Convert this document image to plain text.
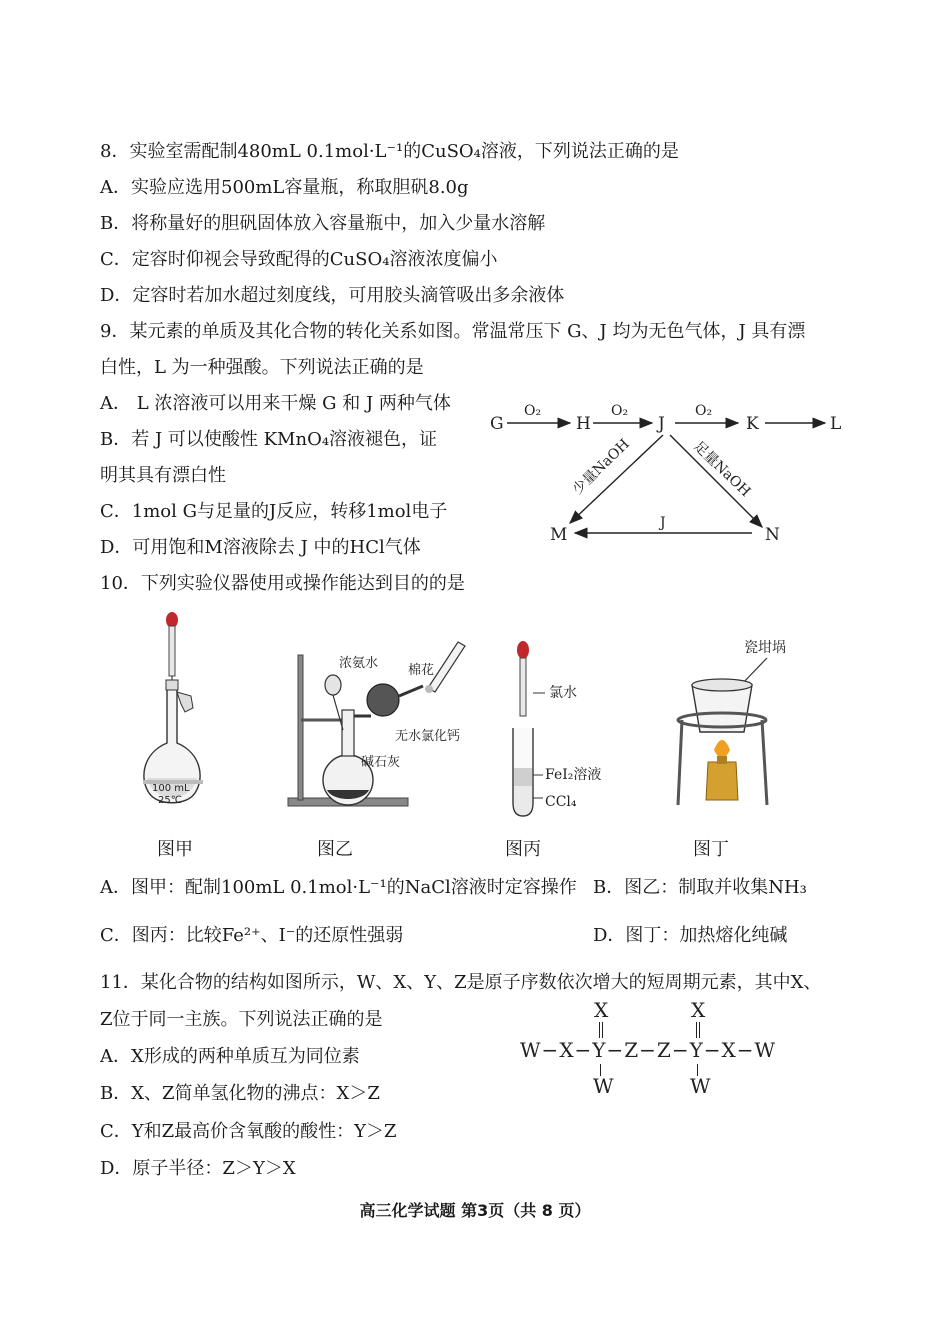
8．实验室需配制480mL 0.1mol·L⁻¹的CuSO₄溶液，下列说法正确的是
A．实验应选用500mL容量瓶，称取胆矾8.0g
B．将称量好的胆矾固体放入容量瓶中，加入少量水溶解
C．定容时仰视会导致配得的CuSO₄溶液浓度偏小
D．定容时若加水超过刻度线，可用胶头滴管吸出多余液体
9．某元素的单质及其化合物的转化关系如图。常温常压下 G、J 均为无色气体，J 具有漂
白性，L 为一种强酸。下列说法正确的是
A． L 浓溶液可以用来干燥 G 和 J 两种气体
B．若 J 可以使酸性 KMnO₄溶液褪色，证
明其具有漂白性
C．1mol G与足量的J反应，转移1mol电子
D．可用饱和M溶液除去 J 中的HCl气体
G	H	J	K	L
M	N
O₂	O₂	O₂
J
少量NaOH	足量NaOH
10．下列实验仪器使用或操作能达到目的的是
100 mL
25℃
浓氨水 棉花
无水氯化钙
碱石灰
氯水
FeI₂溶液
CCl₄
瓷坩埚
图甲	图乙	图丙	图丁
A．图甲：配制100mL 0.1mol·L⁻¹的NaCl溶液时定容操作 B．图乙：制取并收集NH₃
C．图丙：比较Fe²⁺、I⁻的还原性强弱	D．图丁：加热熔化纯碱
11．某化合物的结构如图所示，W、X、Y、Z是原子序数依次增大的短周期元素，其中X、
Z位于同一主族。下列说法正确的是
A．X形成的两种单质互为同位素
B．X、Z简单氢化物的沸点：X＞Z
C．Y和Z最高价含氧酸的酸性：Y＞Z
D．原子半径：Z＞Y＞X
X	X
W−X−Y−Z−Z−Y−X−W
W	W
高三化学试题 第3页（共 8 页）
